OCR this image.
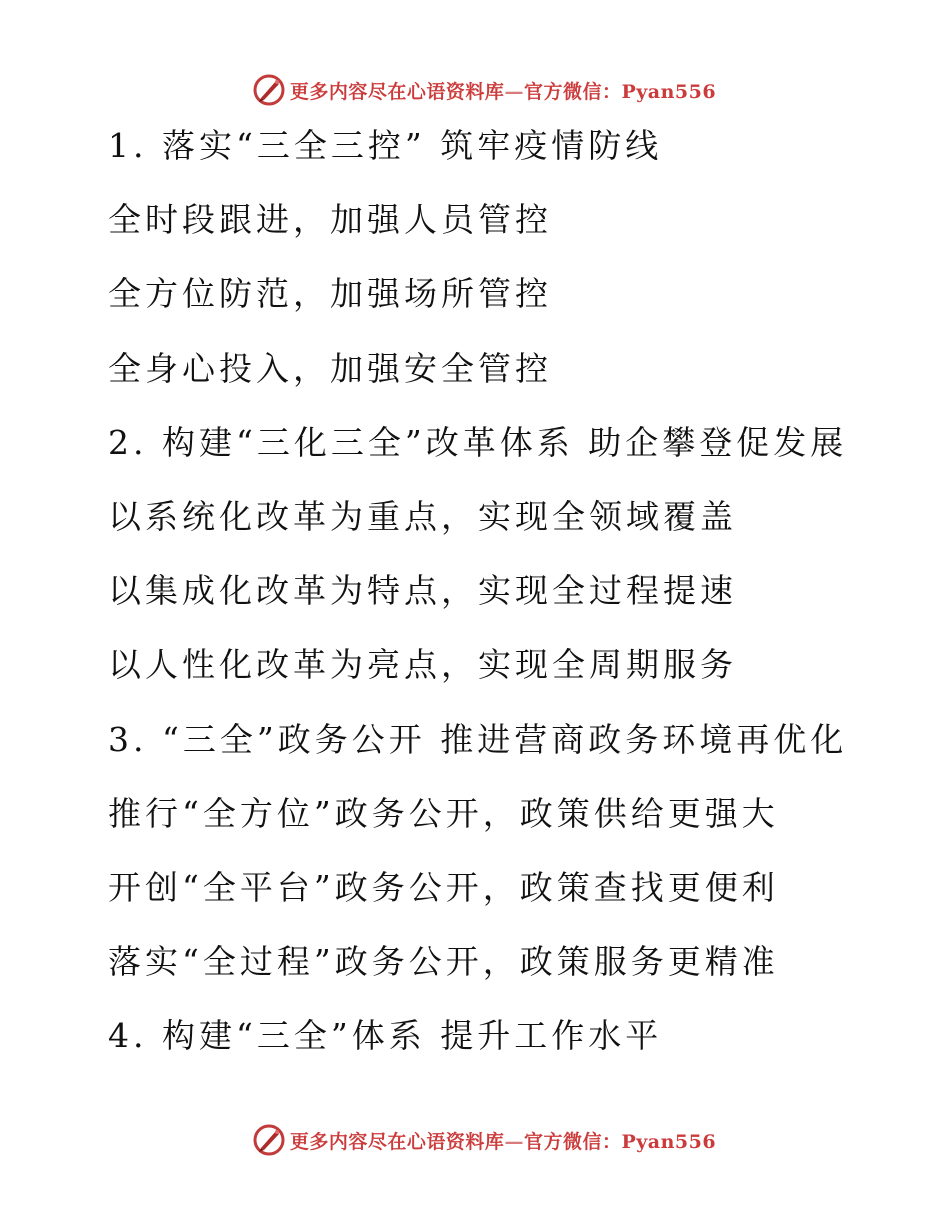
更多内容尽在心语资料库—官方微信：Pyan556
1. 落实“三全三控” 筑牢疫情防线
全时段跟进，加强人员管控
全方位防范，加强场所管控
全身心投入，加强安全管控
2. 构建“三化三全”改革体系 助企攀登促发展
以系统化改革为重点，实现全领域覆盖
以集成化改革为特点，实现全过程提速
以人性化改革为亮点，实现全周期服务
3. “三全”政务公开 推进营商政务环境再优化
推行“全方位”政务公开，政策供给更强大
开创“全平台”政务公开，政策查找更便利
落实“全过程”政务公开，政策服务更精准
4. 构建“三全”体系 提升工作水平
更多内容尽在心语资料库—官方微信：Pyan556
